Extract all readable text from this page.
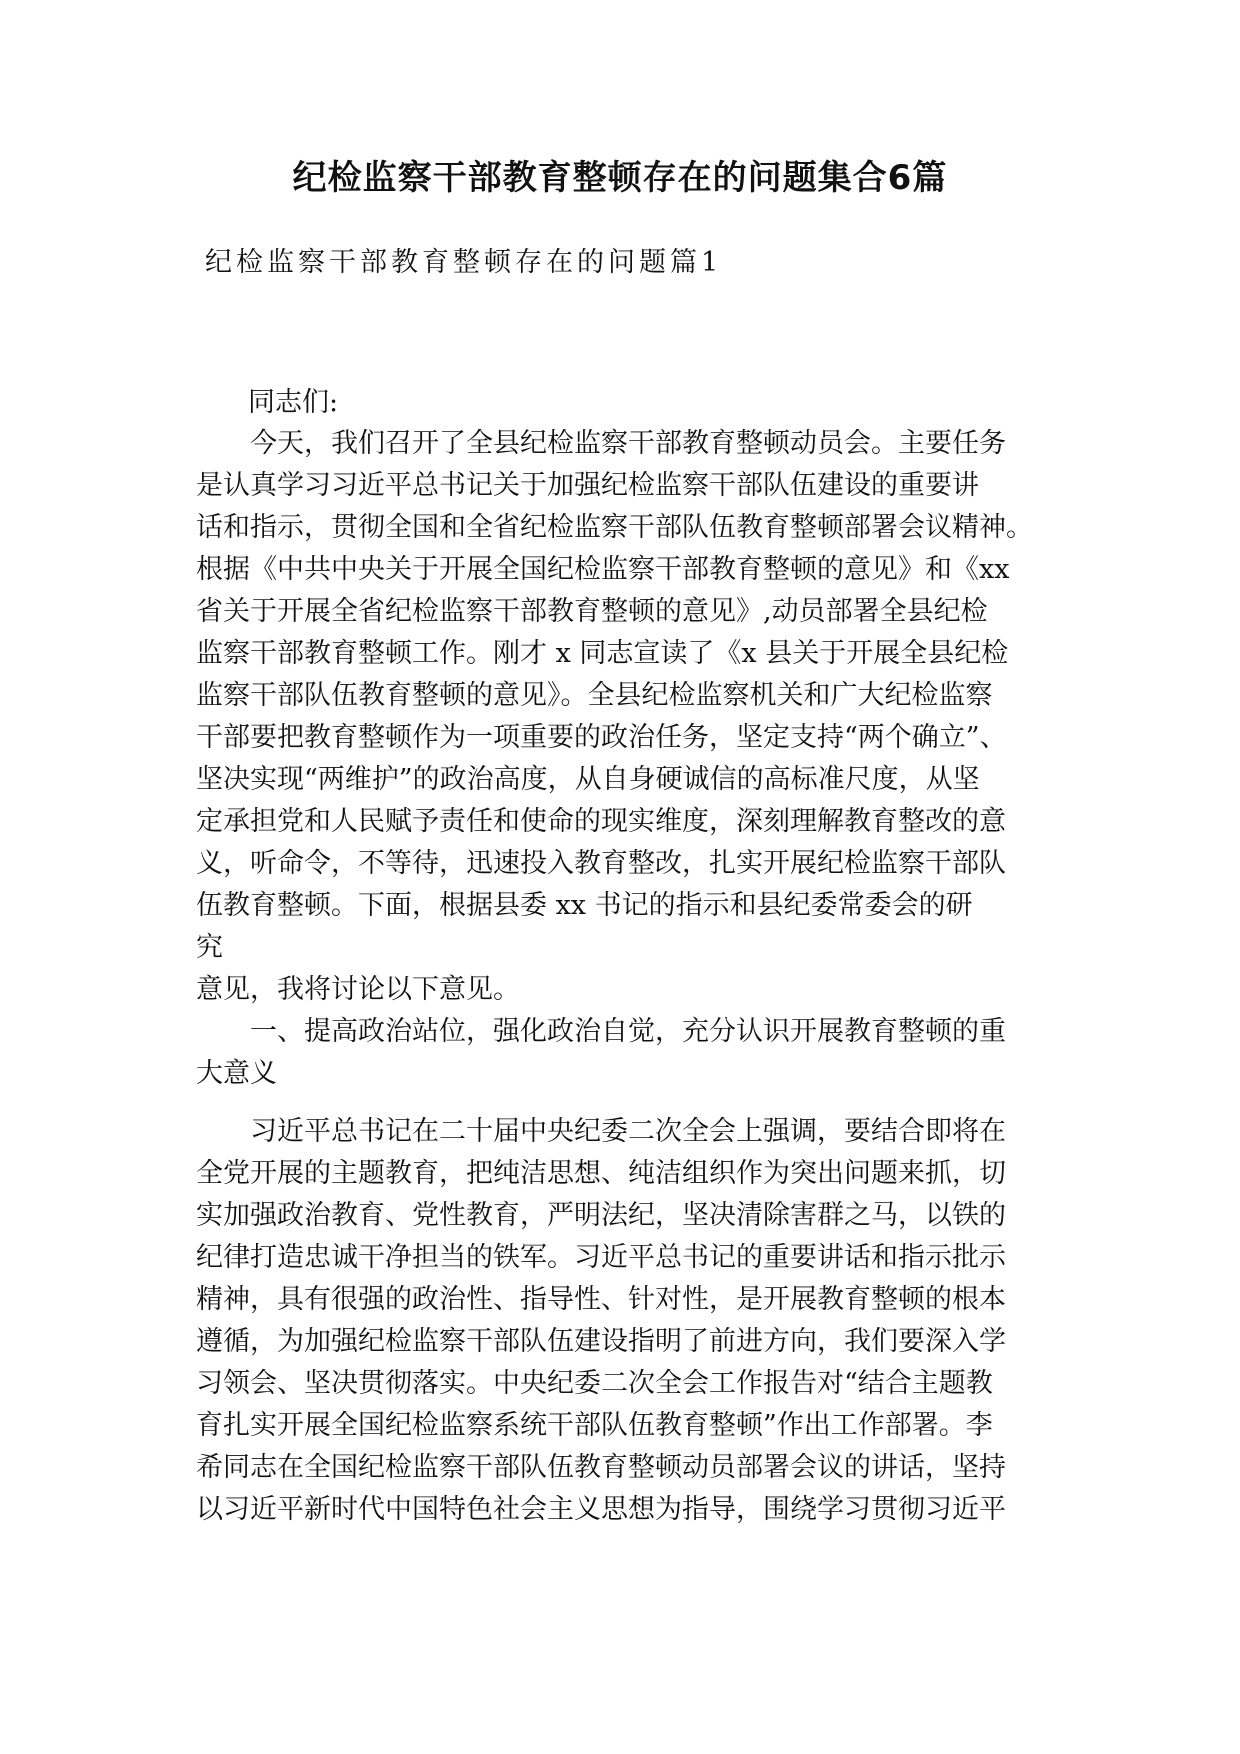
纪检监察干部教育整顿存在的问题集合6篇

纪检监察干部教育整顿存在的问题篇1

同志们:

今天，我们召开了全县纪检监察干部教育整顿动员会。主要任务

是认真学习习近平总书记关于加强纪检监察干部队伍建设的重要讲

话和指示，贯彻全国和全省纪检监察干部队伍教育整顿部署会议精神。

根据《中共中央关于开展全国纪检监察干部教育整顿的意见》和《xx

省关于开展全省纪检监察干部教育整顿的意见》,动员部署全县纪检

监察干部教育整顿工作。刚才 x 同志宣读了《x 县关于开展全县纪检

监察干部队伍教育整顿的意见》。全县纪检监察机关和广大纪检监察

干部要把教育整顿作为一项重要的政治任务，坚定支持“两个确立”、

坚决实现“两维护”的政治高度，从自身硬诚信的高标准尺度，从坚

定承担党和人民赋予责任和使命的现实维度，深刻理解教育整改的意

义，听命令，不等待，迅速投入教育整改，扎实开展纪检监察干部队

伍教育整顿。下面，根据县委 xx 书记的指示和县纪委常委会的研

究

意见，我将讨论以下意见。

一、提高政治站位，强化政治自觉，充分认识开展教育整顿的重

大意义

习近平总书记在二十届中央纪委二次全会上强调，要结合即将在

全党开展的主题教育，把纯洁思想、纯洁组织作为突出问题来抓，切

实加强政治教育、党性教育，严明法纪，坚决清除害群之马，以铁的

纪律打造忠诚干净担当的铁军。习近平总书记的重要讲话和指示批示

精神，具有很强的政治性、指导性、针对性，是开展教育整顿的根本

遵循，为加强纪检监察干部队伍建设指明了前进方向，我们要深入学

习领会、坚决贯彻落实。中央纪委二次全会工作报告对“结合主题教

育扎实开展全国纪检监察系统干部队伍教育整顿”作出工作部署。李

希同志在全国纪检监察干部队伍教育整顿动员部署会议的讲话，坚持

以习近平新时代中国特色社会主义思想为指导，围绕学习贯彻习近平
